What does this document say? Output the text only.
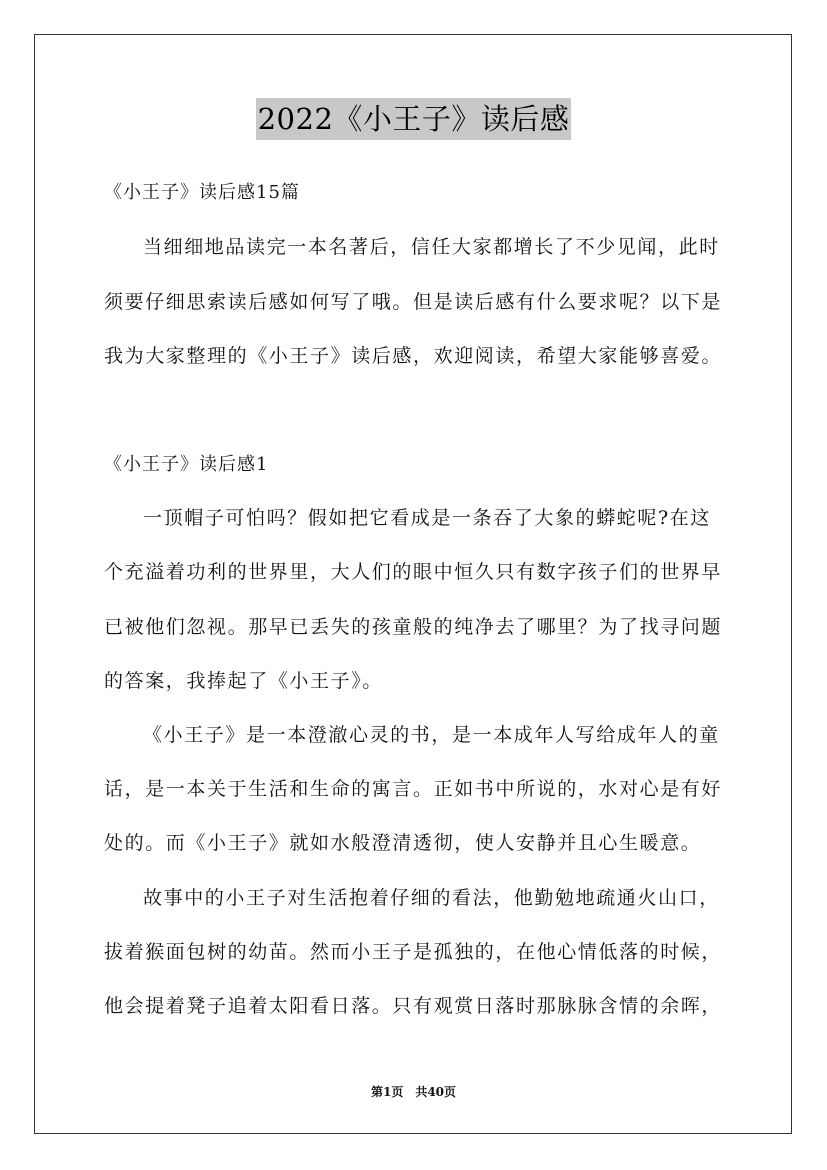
2022《小王子》读后感
《小王子》读后感15篇
当细细地品读完一本名著后，信任大家都增长了不少见闻，此时
须要仔细思索读后感如何写了哦。但是读后感有什么要求呢？以下是
我为大家整理的《小王子》读后感，欢迎阅读，希望大家能够喜爱。
《小王子》读后感1
一顶帽子可怕吗？假如把它看成是一条吞了大象的蟒蛇呢?在这
个充溢着功利的世界里，大人们的眼中恒久只有数字孩子们的世界早
已被他们忽视。那早已丢失的孩童般的纯净去了哪里？为了找寻问题
的答案，我捧起了《小王子》。
《小王子》是一本澄澈心灵的书，是一本成年人写给成年人的童
话，是一本关于生活和生命的寓言。正如书中所说的，水对心是有好
处的。而《小王子》就如水般澄清透彻，使人安静并且心生暖意。
故事中的小王子对生活抱着仔细的看法，他勤勉地疏通火山口，
拔着猴面包树的幼苗。然而小王子是孤独的，在他心情低落的时候，
他会提着凳子追着太阳看日落。只有观赏日落时那脉脉含情的余晖，
第1页　共40页
